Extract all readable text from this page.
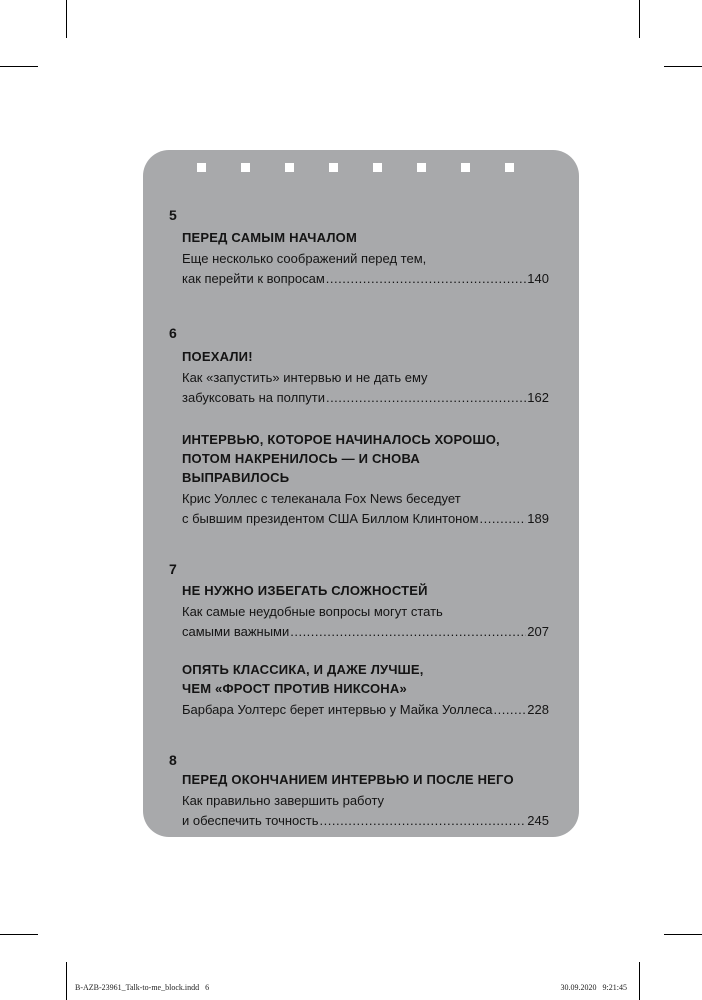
5
ПЕРЕД САМЫМ НАЧАЛОМ
Еще несколько соображений перед тем,
как перейти к вопросам .....	140
6
ПОЕХАЛИ!
Как «запустить» интервью и не дать ему
забуксовать на полпути .....	162
ИНТЕРВЬЮ, КОТОРОЕ НАЧИНАЛОСЬ ХОРОШО,
ПОТОМ НАКРЕНИЛОСЬ — И СНОВА
ВЫПРАВИЛОСЬ
Крис Уоллес с телеканала Fox News беседует
с бывшим президентом США Биллом Клинтоном .....	189
7
НЕ НУЖНО ИЗБЕГАТЬ СЛОЖНОСТЕЙ
Как самые неудобные вопросы могут стать
самыми важными .....	207
ОПЯТЬ КЛАССИКА, И ДАЖЕ ЛУЧШЕ,
ЧЕМ «ФРОСТ ПРОТИВ НИКСОНА»
Барбара Уолтерс берет интервью у Майка Уоллеса .....	228
8
ПЕРЕД ОКОНЧАНИЕМ ИНТЕРВЬЮ И ПОСЛЕ НЕГО
Как правильно завершить работу
и обеспечить точность .....	245
B-AZB-23961_Talk-to-me_block.indd   6	30.09.2020   9:21:45
